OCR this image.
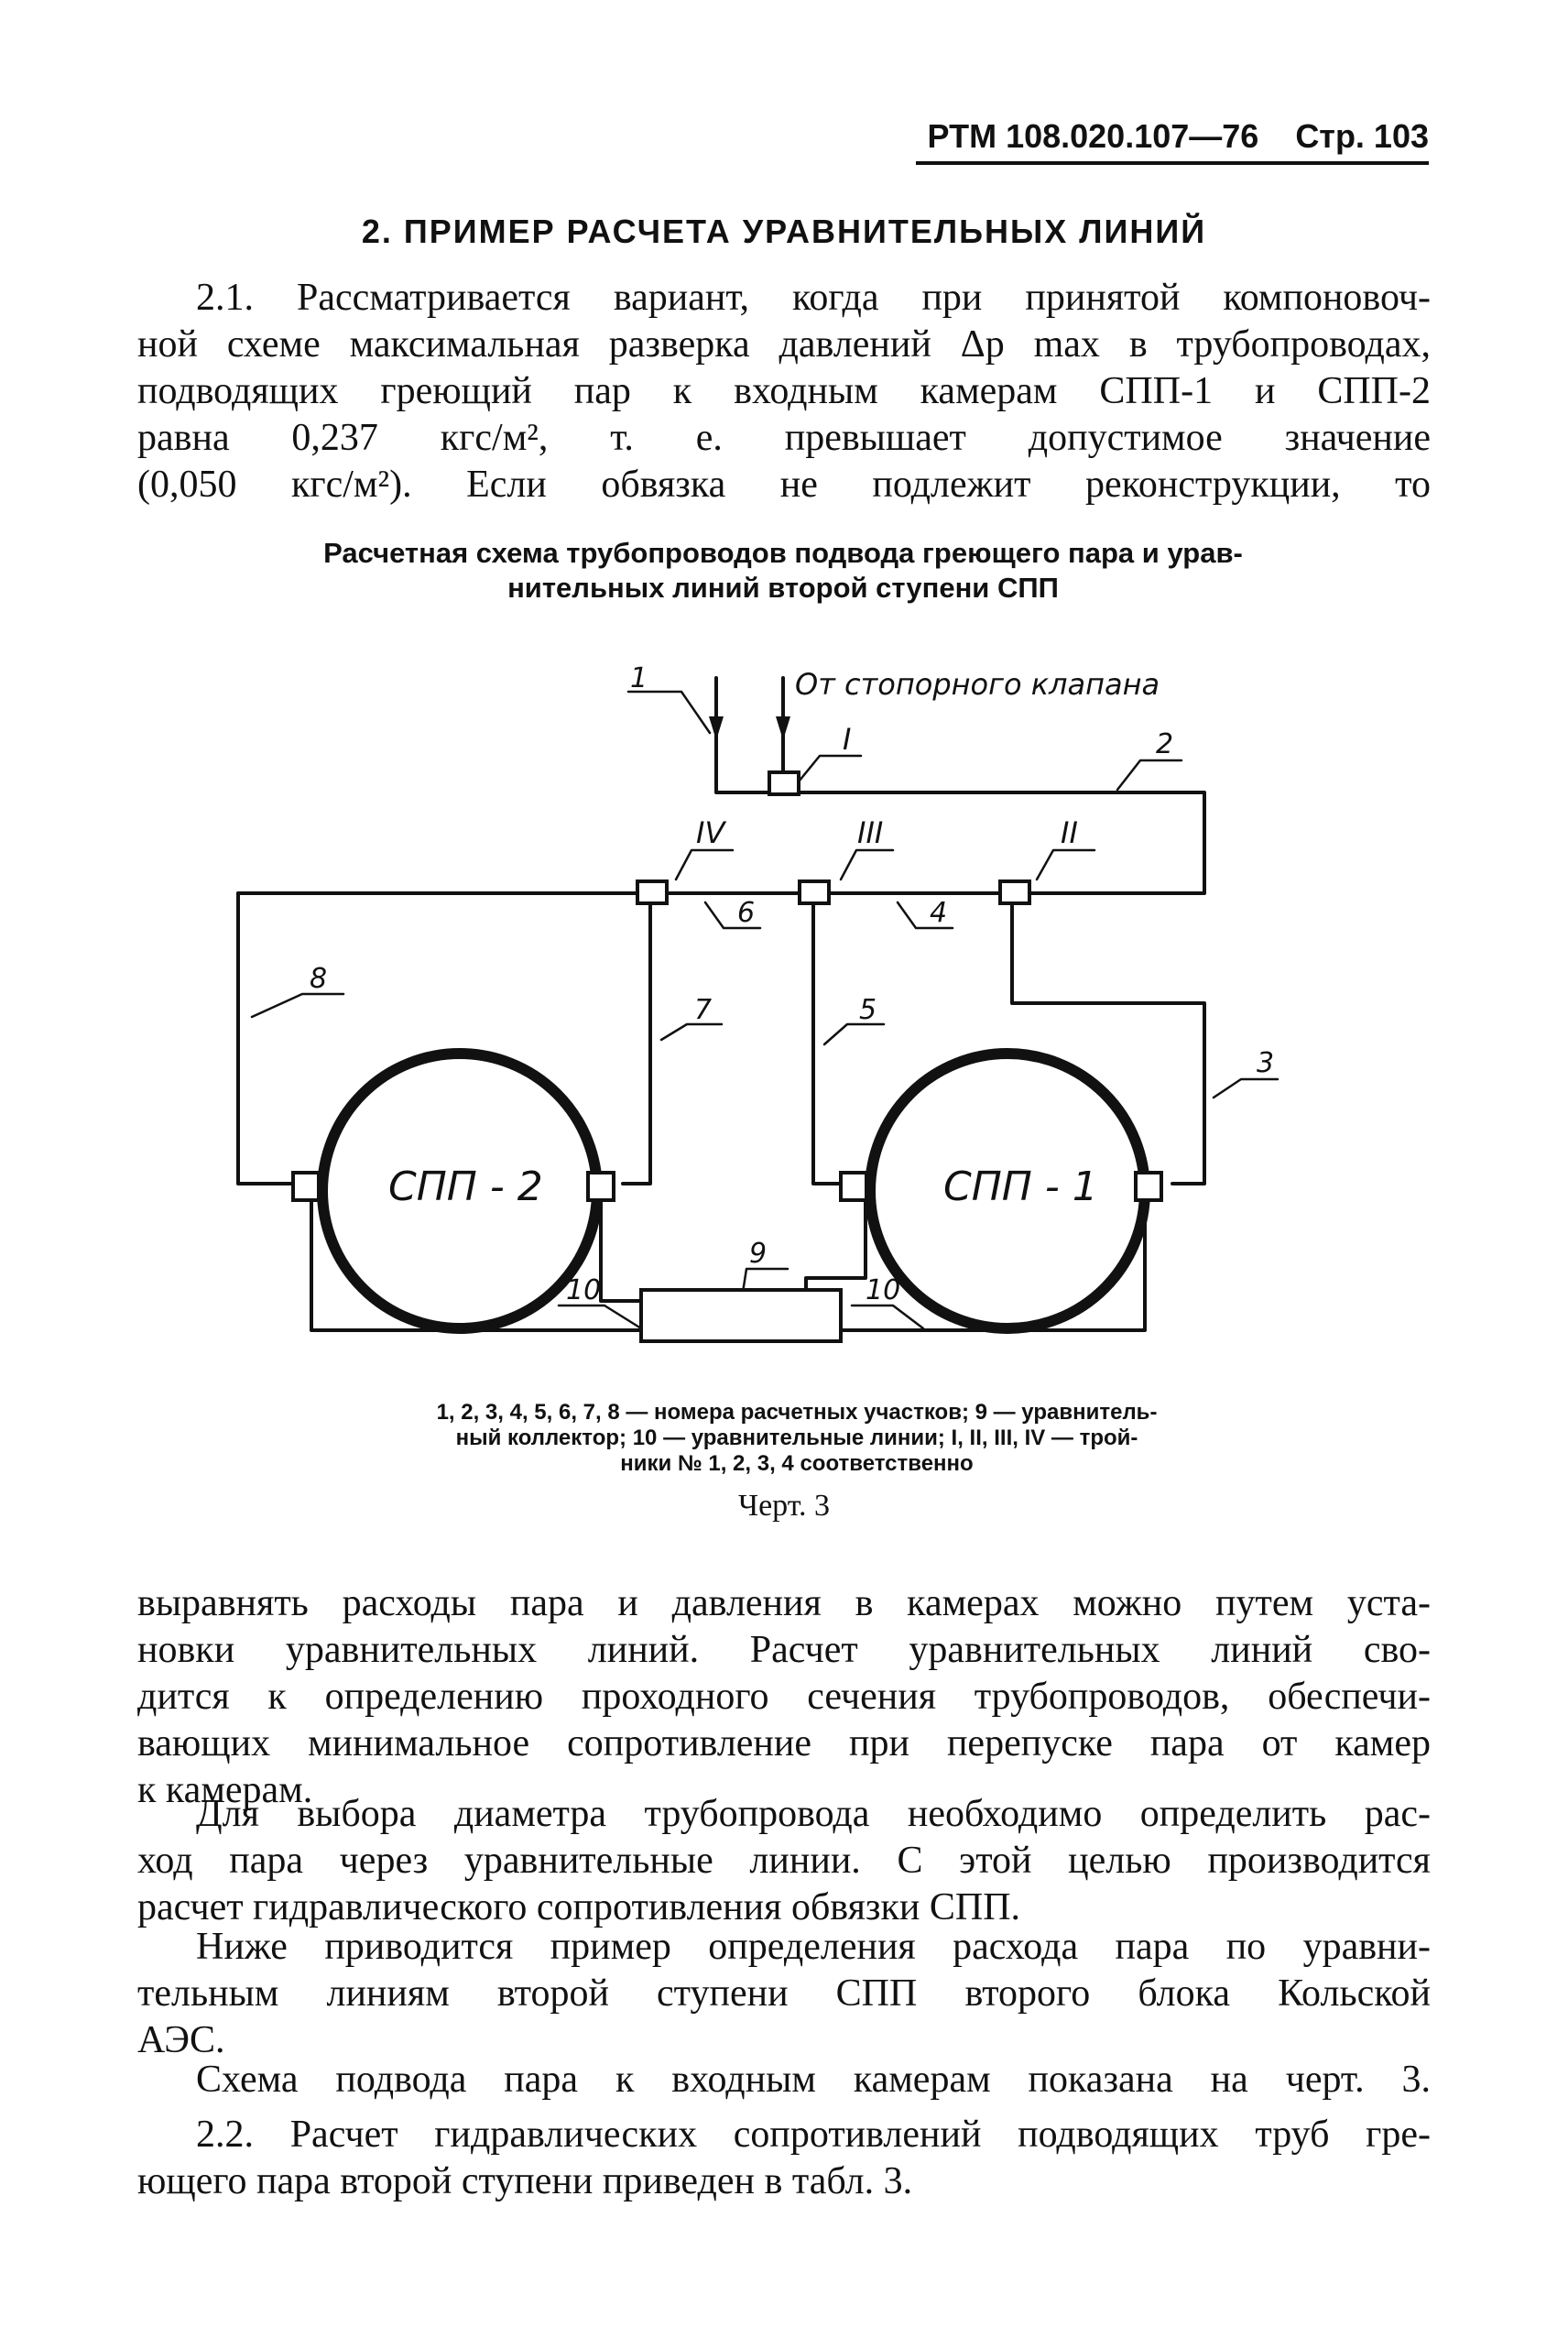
РТМ 108.020.107—76 Стр. 103
2. ПРИМЕР РАСЧЕТА УРАВНИТЕЛЬНЫХ ЛИНИЙ
2.1. Рассматривается вариант, когда при принятой компоновоч-
ной схеме максимальная разверка давлений Δp max в трубопроводах,
подводящих греющий пар к входным камерам СПП-1 и СПП-2
равна 0,237 кгс/м², т. е. превышает допустимое значение
(0,050 кгс/м²). Если обвязка не подлежит реконструкции, то
Расчетная схема трубопроводов подвода греющего пара и урав-
нительных линий второй ступени СПП
От стопорного клапана
СПП - 2	СПП - 1
I
II
III
IV
1
2
3
4
5
6
7
8
9
10	10
1, 2, 3, 4, 5, 6, 7, 8 — номера расчетных участков; 9 — уравнитель-
ный коллектор; 10 — уравнительные линии; I, II, III, IV — трой-
ники № 1, 2, 3, 4 соответственно
Черт. 3
выравнять расходы пара и давления в камерах можно путем уста-
новки уравнительных линий. Расчет уравнительных линий сво-
дится к определению проходного сечения трубопроводов, обеспечи-
вающих минимальное сопротивление при перепуске пара от камер
к камерам.
Для выбора диаметра трубопровода необходимо определить рас-
ход пара через уравнительные линии. С этой целью производится
расчет гидравлического сопротивления обвязки СПП.
Ниже приводится пример определения расхода пара по уравни-
тельным линиям второй ступени СПП второго блока Кольской
АЭС.
Схема подвода пара к входным камерам показана на черт. 3.
2.2. Расчет гидравлических сопротивлений подводящих труб гре-
ющего пара второй ступени приведен в табл. 3.
